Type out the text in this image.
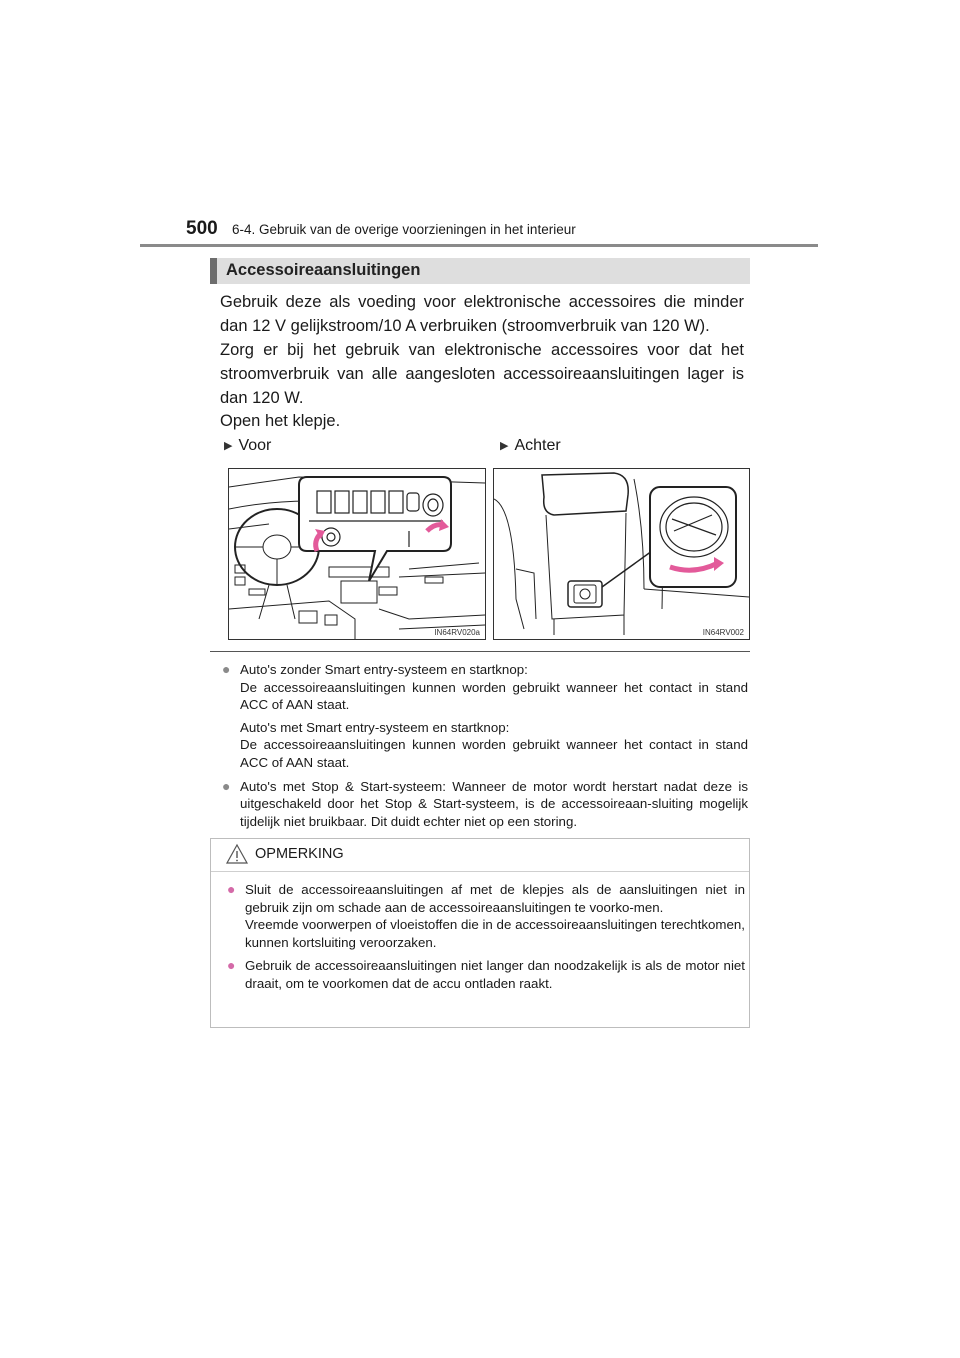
500 6-4. Gebruik van de overige voorzieningen in het interieur
Accessoireaansluitingen

Gebruik deze als voeding voor elektronische accessoires die minder dan 12 V gelijkstroom/10 A verbruiken (stroomverbruik van 120 W).

Zorg er bij het gebruik van elektronische accessoires voor dat het stroomverbruik van alle aangesloten accessoireaansluitingen lager is dan 120 W.

Open het klepje.

▶ Voor	▶ Achter
IN64RV020a	IN64RV002
● Auto's zonder Smart entry-systeem en startknop:

De accessoireaansluitingen kunnen worden gebruikt wanneer het contact in stand ACC of AAN staat.

Auto's met Smart entry-systeem en startknop:

De accessoireaansluitingen kunnen worden gebruikt wanneer het contact in stand ACC of AAN staat.

● Auto's met Stop & Start-systeem: Wanneer de motor wordt herstart nadat deze is uitgeschakeld door het Stop & Start-systeem, is de accessoireaan-sluiting mogelijk tijdelijk niet bruikbaar. Dit duidt echter niet op een storing.

OPMERKING
● Sluit de accessoireaansluitingen af met de klepjes als de aansluitingen niet in gebruik zijn om schade aan de accessoireaansluitingen te voorko-men.

Vreemde voorwerpen of vloeistoffen die in de accessoireaansluitingen terechtkomen, kunnen kortsluiting veroorzaken.

● Gebruik de accessoireaansluitingen niet langer dan noodzakelijk is als de motor niet draait, om te voorkomen dat de accu ontladen raakt.
